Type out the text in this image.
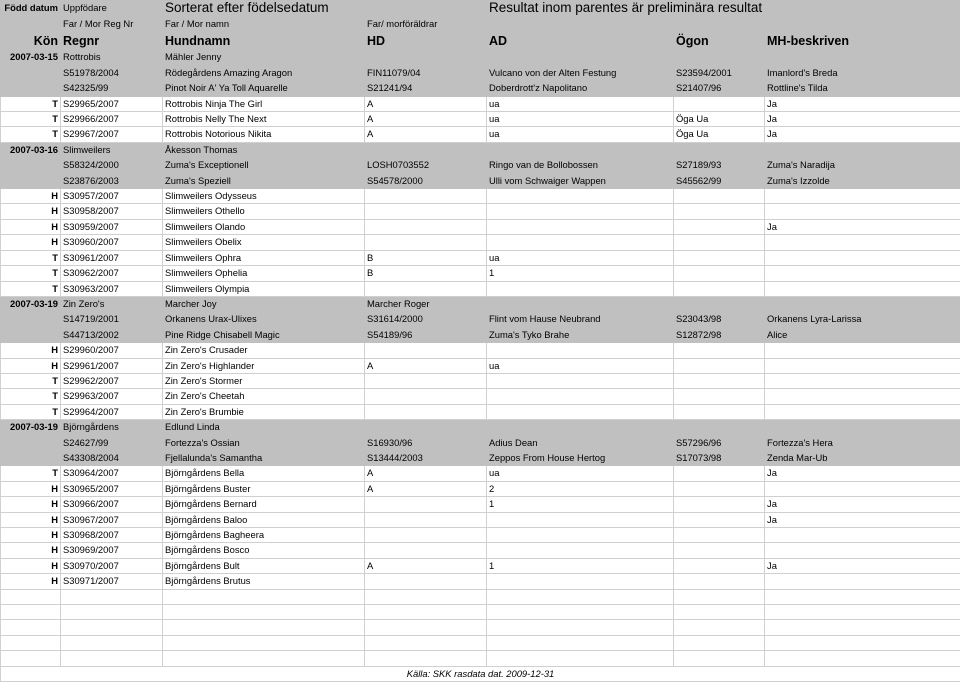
Född datum	Uppfödare	Sorterat efter födelsedatum		Resultat inom parentes är preliminära resultat		
	Far / Mor Reg Nr	Far / Mor namn	Far/ morföräldrar			
Kön	Regnr	Hundnamn	HD	AD	Ögon	MH-beskriven
2007-03-15	Rottrobis	Mähler Jenny				
	S51978/2004	Rödegårdens Amazing Aragon	FIN11079/04	Vulcano von der Alten Festung	S23594/2001	Imanlord's Breda
	S42325/99	Pinot Noir A' Ya Toll Aquarelle	S21241/94	Doberdrott'z Napolitano	S21407/96	Rottline's Tilda
T	S29965/2007	Rottrobis Ninja The Girl	A	ua		Ja
T	S29966/2007	Rottrobis Nelly The Next	A	ua	Öga Ua	Ja
T	S29967/2007	Rottrobis Notorious Nikita	A	ua	Öga Ua	Ja
2007-03-16	Slimweilers	Åkesson Thomas				
	S58324/2000	Zuma's Exceptionell	LOSH0703552	Ringo van de Bollobossen	S27189/93	Zuma's Naradija
	S23876/2003	Zuma's Speziell	S54578/2000	Ulli vom Schwaiger Wappen	S45562/99	Zuma's Izzolde
H	S30957/2007	Slimweilers Odysseus				
H	S30958/2007	Slimweilers Othello				
H	S30959/2007	Slimweilers Olando				Ja
H	S30960/2007	Slimweilers Obelix				
T	S30961/2007	Slimweilers Ophra	B	ua		
T	S30962/2007	Slimweilers Ophelia	B	1		
T	S30963/2007	Slimweilers Olympia				
2007-03-19	Zin Zero's	Marcher Joy	Marcher Roger			
	S14719/2001	Orkanens Urax-Ulixes	S31614/2000	Flint vom Hause Neubrand	S23043/98	Orkanens Lyra-Larissa
	S44713/2002	Pine Ridge Chisabell Magic	S54189/96	Zuma's Tyko Brahe	S12872/98	Alice
H	S29960/2007	Zin Zero's Crusader				
H	S29961/2007	Zin Zero's Highlander	A	ua		
T	S29962/2007	Zin Zero's Stormer				
T	S29963/2007	Zin Zero's Cheetah				
T	S29964/2007	Zin Zero's Brumbie				
2007-03-19	Björngårdens	Edlund Linda				
	S24627/99	Fortezza's Ossian	S16930/96	Adius Dean	S57296/96	Fortezza's Hera
	S43308/2004	Fjellalunda's Samantha	S13444/2003	Zeppos From House Hertog	S17073/98	Zenda Mar-Ub
T	S30964/2007	Björngårdens Bella	A	ua		Ja
H	S30965/2007	Björngårdens Buster	A	2		
H	S30966/2007	Björngårdens Bernard		1		Ja
H	S30967/2007	Björngårdens Baloo				Ja
H	S30968/2007	Björngårdens Bagheera				
H	S30969/2007	Björngårdens Bosco				
H	S30970/2007	Björngårdens Bult	A	1		Ja
H	S30971/2007	Björngårdens Brutus				

Källa: SKK rasdata dat. 2009-12-31						
